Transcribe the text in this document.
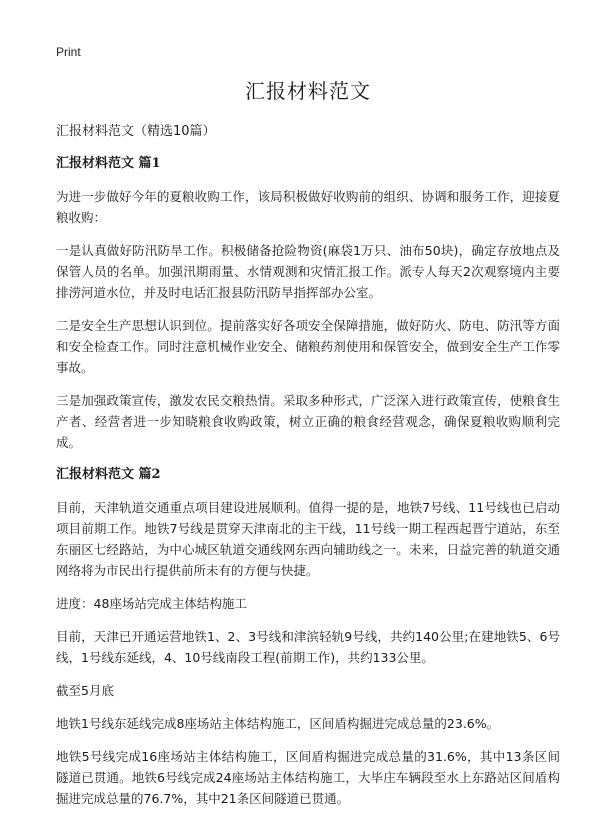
Print
汇报材料范文
汇报材料范文（精选10篇）
汇报材料范文 篇1

为进一步做好今年的夏粮收购工作，该局积极做好收购前的组织、协调和服务工作，迎接夏粮收购：

一是认真做好防汛防旱工作。积极储备抢险物资(麻袋1万只、油布50块)，确定存放地点及保管人员的名单。加强汛期雨量、水情观测和灾情汇报工作。派专人每天2次观察境内主要排涝河道水位，并及时电话汇报县防汛防旱指挥部办公室。

二是安全生产思想认识到位。提前落实好各项安全保障措施，做好防火、防电、防汛等方面和安全检查工作。同时注意机械作业安全、储粮药剂使用和保管安全，做到安全生产工作零事故。

三是加强政策宣传，激发农民交粮热情。采取多种形式，广泛深入进行政策宣传，使粮食生产者、经营者进一步知晓粮食收购政策，树立正确的粮食经营观念，确保夏粮收购顺利完成。

汇报材料范文 篇2

目前，天津轨道交通重点项目建设进展顺利。值得一提的是，地铁7号线、11号线也已启动项目前期工作。地铁7号线是贯穿天津南北的主干线，11号线一期工程西起晋宁道站，东至东丽区七经路站，为中心城区轨道交通线网东西向辅助线之一。未来，日益完善的轨道交通网络将为市民出行提供前所未有的方便与快捷。

进度：48座场站完成主体结构施工

目前，天津已开通运营地铁1、2、3号线和津滨轻轨9号线，共约140公里;在建地铁5、6号线，1号线东延线，4、10号线南段工程(前期工作)，共约133公里。

截至5月底

地铁1号线东延线完成8座场站主体结构施工，区间盾构掘进完成总量的23.6%。

地铁5号线完成16座场站主体结构施工，区间盾构掘进完成总量的31.6%，其中13条区间隧道已贯通。地铁6号线完成24座场站主体结构施工，大毕庄车辆段至水上东路站区间盾构掘进完成总量的76.7%，其中21条区间隧道已贯通。
